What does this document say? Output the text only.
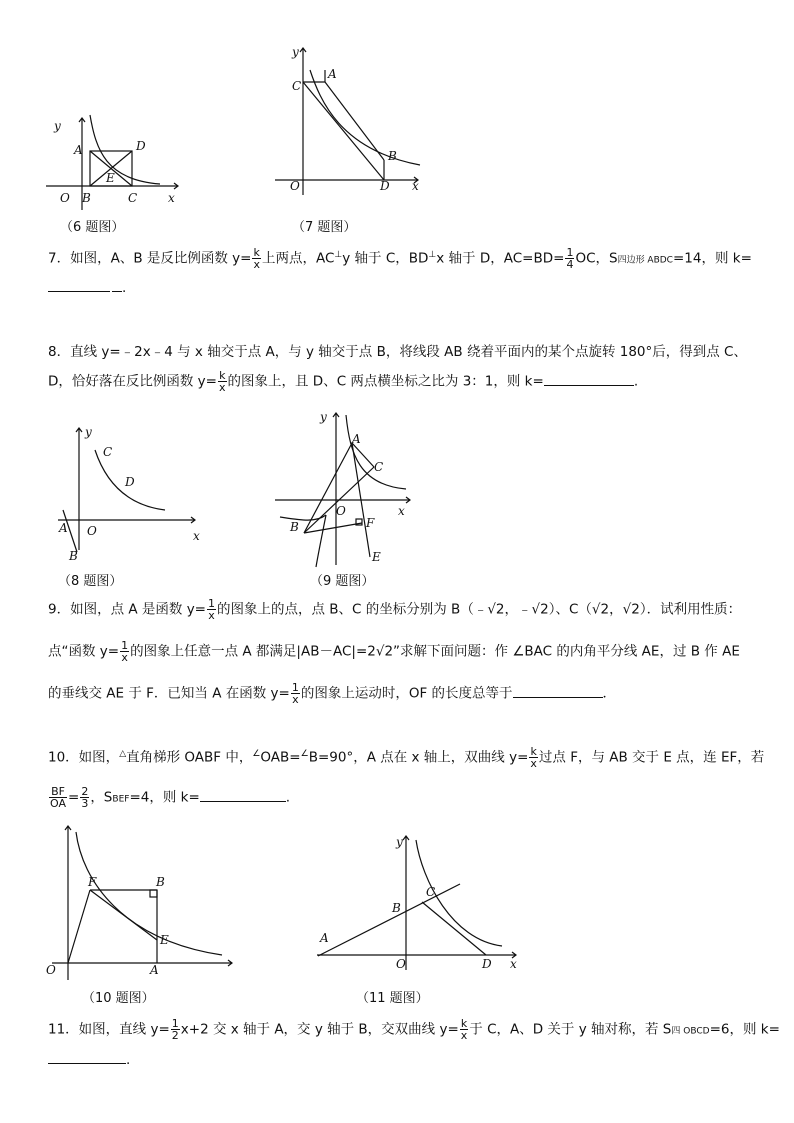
y
A	D
E
O B	C	x
（6 题图）
y
C
A
B
O	D x
（7 题图）
7．如图，A、B 是反比例函数 $y= \frac{k}{x}$ 上两点，AC⊥y 轴于 C，BD⊥x 轴于 D，$AC=BD= \frac{1}{4}$ OC，S四边形 ABDC=14，则 k=
.
8．直线 y=﹣2x﹣4 与 x 轴交于点 A，与 y 轴交于点 B，将线段 AB 绕着平面内的某个点旋转 180°后，得到点 C、
D，恰好落在反比例函数 $y= \frac{k}{x}$ 的图象上，且 D、C 两点横坐标之比为 3：1，则 k=	.
y
C
D
A O
B
x
（8 题图）
y
A
C
O	x
F
B
E
（9 题图）
9．如图，点 A 是函数 $y= \frac{1}{x}$ 的图象上的点，点 B、C 的坐标分别为 B（﹣√2，﹣√2）、C（√2，√2）．试利用性质：
点“函数 $y= \frac{1}{x}$ 的图象上任意一点 A 都满足|AB－AC|=2√2”求解下面问题：作 ∠BAC 的内角平分线 AE，过 B 作 AE
的垂线交 AE 于 F．已知当 A 在函数 $y= \frac{1}{x}$ 的图象上运动时，OF 的长度总等于	．
10．如图，△直角梯形 OABF 中，∠OAB=∠B=90°，A 点在 x 轴上，双曲线 $y= \frac{k}{x}$ 过点 F，与 AB 交于 E 点，连 EF，若
$\frac{BF}{OA} = \frac{2}{3}$ ，SBEF=4，则 k=	.
F	B
E
O	A
（10 题图）
y
C
B
A
O	D x
（11 题图）
11．如图，直线 $y= \frac{1}{2} x+2$ 交 x 轴于 A，交 y 轴于 B，交双曲线 $y= \frac{k}{x}$ 于 C，A、D 关于 y 轴对称，若 S四 OBCD=6，则 k=
.
